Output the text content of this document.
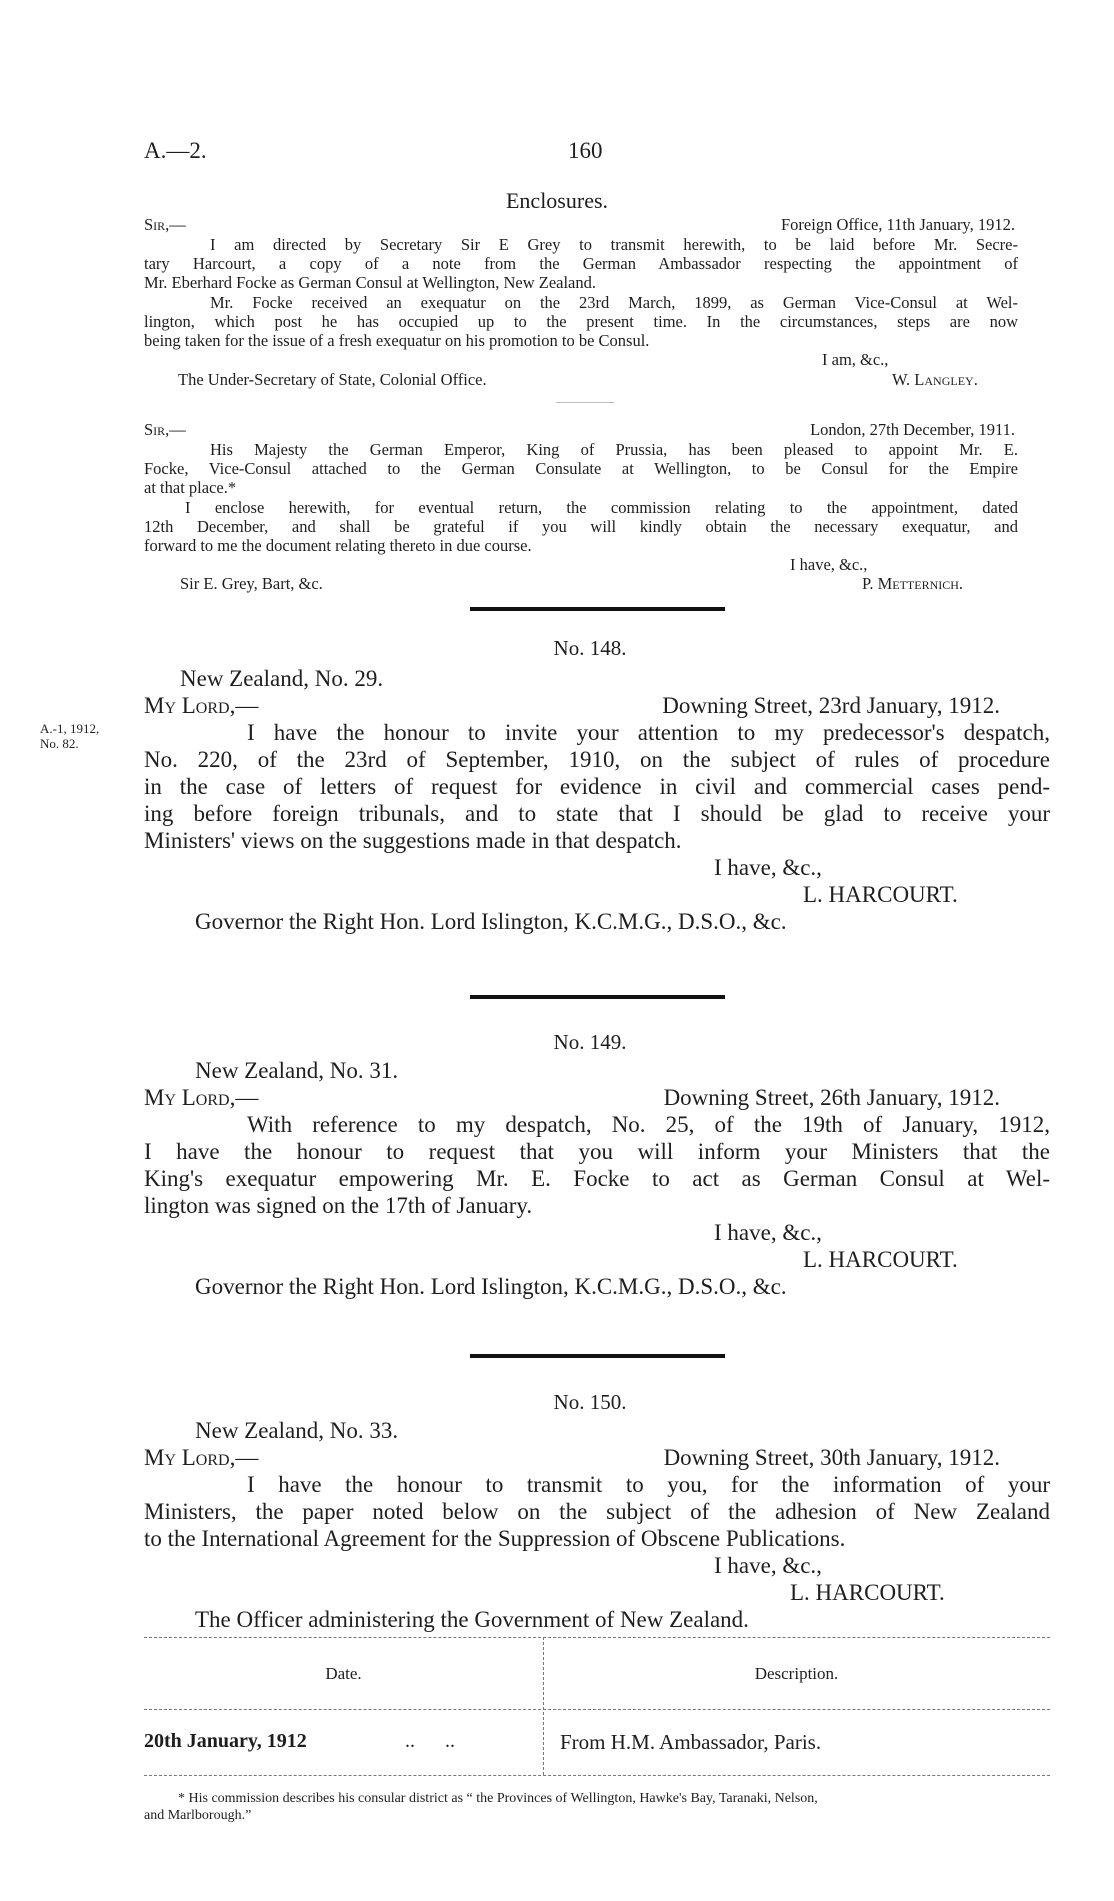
A.—2.	160
Enclosures.
Sir,—	Foreign Office, 11th January, 1912.
I am directed by Secretary Sir E Grey to transmit herewith, to be laid before Mr. Secre-
tary Harcourt, a copy of a note from the German Ambassador respecting the appointment of
Mr. Eberhard Focke as German Consul at Wellington, New Zealand.
Mr. Focke received an exequatur on the 23rd March, 1899, as German Vice-Consul at Wel-
lington, which post he has occupied up to the present time. In the circumstances, steps are now
being taken for the issue of a fresh exequatur on his promotion to be Consul.
I am, &c.,
The Under-Secretary of State, Colonial Office.	W. Langley.
Sir,—	London, 27th December, 1911.
His Majesty the German Emperor, King of Prussia, has been pleased to appoint Mr. E.
Focke, Vice-Consul attached to the German Consulate at Wellington, to be Consul for the Empire
at that place.*
I enclose herewith, for eventual return, the commission relating to the appointment, dated
12th December, and shall be grateful if you will kindly obtain the necessary exequatur, and
forward to me the document relating thereto in due course.
I have, &c.,
Sir E. Grey, Bart, &c.	P. Metternich.
No. 148.
New Zealand, No. 29.
My Lord,—	Downing Street, 23rd January, 1912.
A.-1, 1912,
No. 82.	I have the honour to invite your attention to my predecessor's despatch,
No. 220, of the 23rd of September, 1910, on the subject of rules of procedure
in the case of letters of request for evidence in civil and commercial cases pend-
ing before foreign tribunals, and to state that I should be glad to receive your
Ministers' views on the suggestions made in that despatch.
I have, &c.,
L. HARCOURT.
Governor the Right Hon. Lord Islington, K.C.M.G., D.S.O., &c.
No. 149.
New Zealand, No. 31.
My Lord,—	Downing Street, 26th January, 1912.
With reference to my despatch, No. 25, of the 19th of January, 1912,
I have the honour to request that you will inform your Ministers that the
King's exequatur empowering Mr. E. Focke to act as German Consul at Wel-
lington was signed on the 17th of January.
I have, &c.,
L. HARCOURT.
Governor the Right Hon. Lord Islington, K.C.M.G., D.S.O., &c.
No. 150.
New Zealand, No. 33.
My Lord,—	Downing Street, 30th January, 1912.
I have the honour to transmit to you, for the information of your
Ministers, the paper noted below on the subject of the adhesion of New Zealand
to the International Agreement for the Suppression of Obscene Publications.
I have, &c.,
L. HARCOURT.
The Officer administering the Government of New Zealand.
Date.	Description.
20th January, 1912	..      ..	From H.M. Ambassador, Paris.
* His commission describes his consular district as “ the Provinces of Wellington, Hawke's Bay, Taranaki, Nelson,
and Marlborough.”
